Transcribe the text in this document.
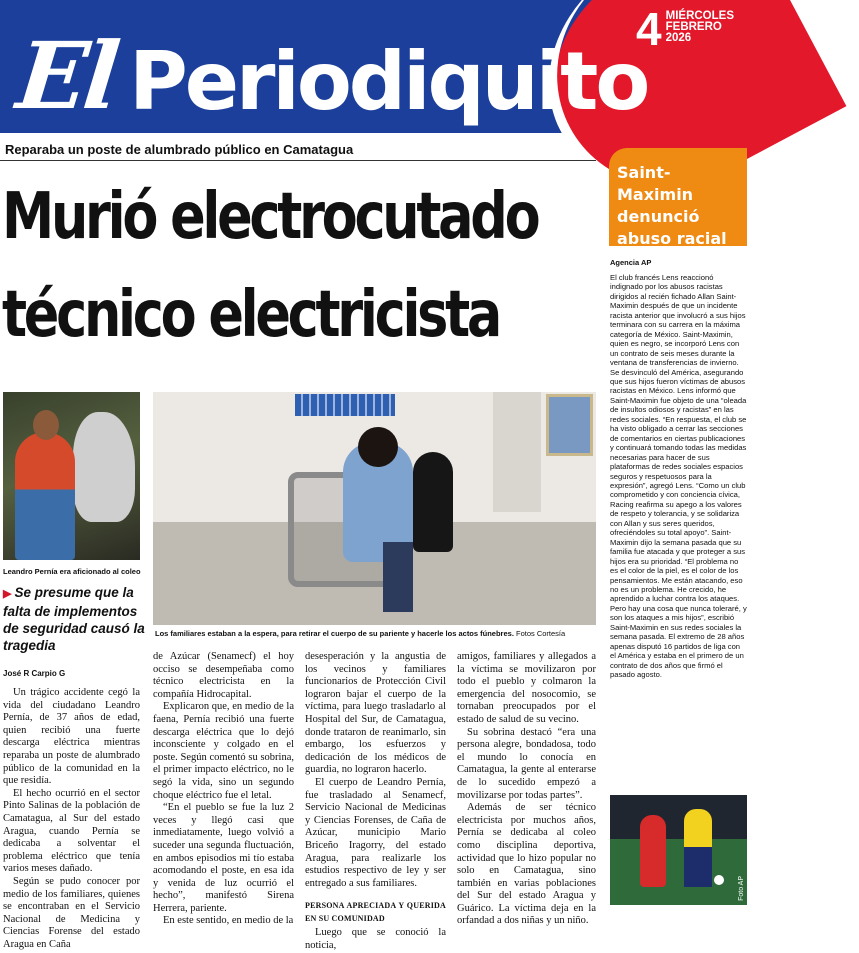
El Periodiquito
4 MIÉRCOLES
FEBRERO
2026
Reparaba un poste de alumbrado público en Camatagua
Murió electrocutado
técnico electricista
Leandro Pernía era aficionado al coleo
▶ Se presume que la falta de implementos de seguridad causó la tragedia
José R Carpio G
Los familiares estaban a la espera, para retirar el cuerpo de su pariente y hacerle los actos fúnebres. Fotos Cortesía

Un trágico accidente cegó la vida del ciudadano Leandro Pernía, de 37 años de edad, quien recibió una fuerte descarga eléctrica mientras reparaba un poste de alumbrado público de la comunidad en la que residía.

El hecho ocurrió en el sector Pinto Salinas de la población de Camatagua, al Sur del estado Aragua, cuando Pernía se dedicaba a solventar el problema eléctrico que tenía varios meses dañado.

Según se pudo conocer por medio de los familiares, quienes se encontraban en el Servicio Nacional de Medicina y Ciencias Forense del estado Aragua en Caña

de Azúcar (Senamecf) el hoy occiso se desempeñaba como técnico electricista en la compañía Hidrocapital.

Explicaron que, en medio de la faena, Pernía recibió una fuerte descarga eléctrica que lo dejó inconsciente y colgado en el poste. Según comentó su sobrina, el primer impacto eléctrico, no le segó la vida, sino un segundo choque eléctrico fue el letal.

“En el pueblo se fue la luz 2 veces y llegó casi que inmediatamente, luego volvió a suceder una segunda fluctuación, en ambos episodios mi tío estaba acomodando el poste, en esa ida y venida de luz ocurrió el hecho”, manifestó Sirena Herrera, pariente.

En este sentido, en medio de la

desesperación y la angustia de los vecinos y familiares funcionarios de Protección Civil lograron bajar el cuerpo de la víctima, para luego trasladarlo al Hospital del Sur, de Camatagua, donde trataron de reanimarlo, sin embargo, los esfuerzos y dedicación de los médicos de guardia, no lograron hacerlo.

El cuerpo de Leandro Pernía, fue trasladado al Senamecf, Servicio Nacional de Medicinas y Ciencias Forenses, de Caña de Azúcar, municipio Mario Briceño Iragorry, del estado Aragua, para realizarle los estudios respectivo de ley y ser entregado a sus familiares.

PERSONA APRECIADA Y QUERIDA EN SU COMUNIDAD

Luego que se conoció la noticia,

amigos, familiares y allegados a la víctima se movilizaron por todo el pueblo y colmaron la emergencia del nosocomio, se tornaban preocupados por el estado de salud de su vecino.

Su sobrina destacó “era una persona alegre, bondadosa, todo el mundo lo conocía en Camatagua, la gente al enterarse de lo sucedido empezó a movilizarse por todas partes”.

Además de ser técnico electricista por muchos años, Pernía se dedicaba al coleo como disciplina deportiva, actividad que lo hizo popular no solo en Camatagua, sino también en varias poblaciones del Sur del estado Aragua y Guárico. La víctima deja en la orfandad a dos niñas y un niño.

Saint-Maximin denunció abuso racial
Agencia AP
El club francés Lens reaccionó indignado por los abusos racistas dirigidos al recién fichado Allan Saint-Maximin después de que un incidente racista anterior que involucró a sus hijos terminara con su carrera en la máxima categoría de México. Saint-Maximin, quien es negro, se incorporó Lens con un contrato de seis meses durante la ventana de transferencias de invierno. Se desvinculó del América, asegurando que sus hijos fueron víctimas de abusos racistas en México. Lens informó que Saint-Maximin fue objeto de una “oleada de insultos odiosos y racistas” en las redes sociales. “En respuesta, el club se ha visto obligado a cerrar las secciones de comentarios en ciertas publicaciones y continuará tomando todas las medidas necesarias para hacer de sus plataformas de redes sociales espacios seguros y respetuosos para la expresión”, agregó Lens. “Como un club comprometido y con conciencia cívica, Racing reafirma su apego a los valores de respeto y tolerancia, y se solidariza con Allan y sus seres queridos, ofreciéndoles su total apoyo”. Saint-Maximin dijo la semana pasada que su familia fue atacada y que proteger a sus hijos era su prioridad. “El problema no es el color de la piel, es el color de los pensamientos. Me están atacando, eso no es un problema. He crecido, he aprendido a luchar contra los ataques. Pero hay una cosa que nunca toleraré, y son los ataques a mis hijos”, escribió Saint-Maximin en sus redes sociales la semana pasada. El extremo de 28 años apenas disputó 16 partidos de liga con el América y estaba en el primero de un contrato de dos años que firmó el pasado agosto.
Foto AP
